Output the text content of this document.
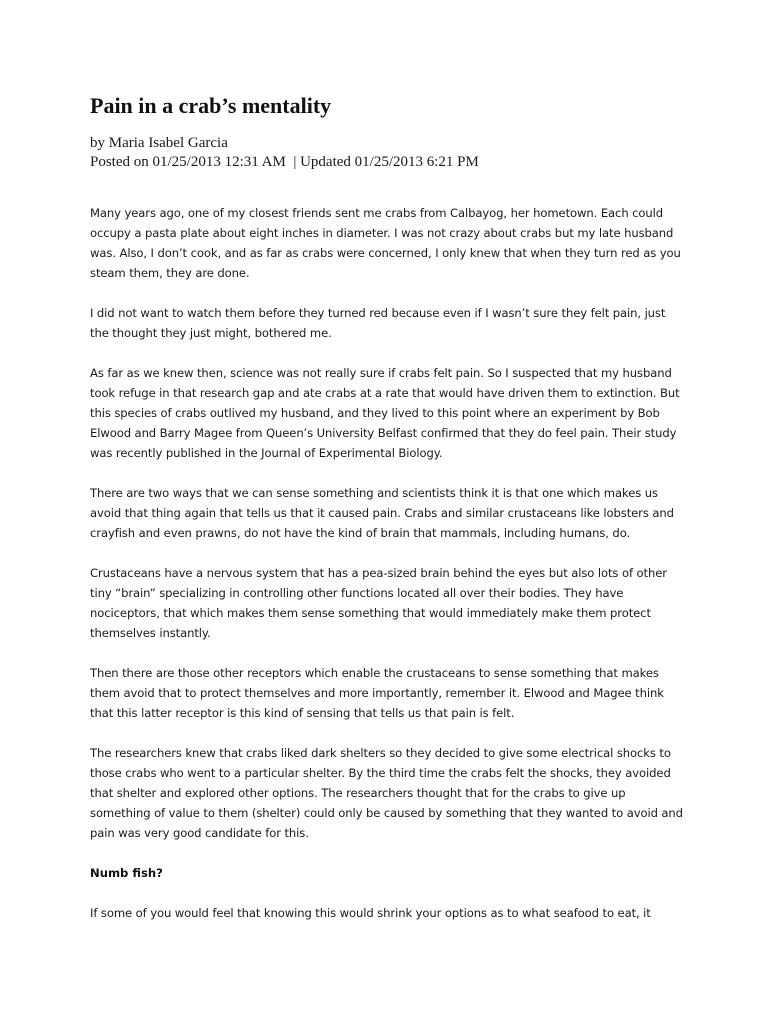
Pain in a crab’s mentality

by Maria Isabel Garcia

Posted on 01/25/2013 12:31 AM  | Updated 01/25/2013 6:21 PM

Many years ago, one of my closest friends sent me crabs from Calbayog, her hometown. Each could occupy a pasta plate about eight inches in diameter. I was not crazy about crabs but my late husband was. Also, I don’t cook, and as far as crabs were concerned, I only knew that when they turn red as you steam them, they are done.

I did not want to watch them before they turned red because even if I wasn’t sure they felt pain, just the thought they just might, bothered me.

As far as we knew then, science was not really sure if crabs felt pain. So I suspected that my husband took refuge in that research gap and ate crabs at a rate that would have driven them to extinction. But this species of crabs outlived my husband, and they lived to this point where an experiment by Bob Elwood and Barry Magee from Queen’s University Belfast confirmed that they do feel pain. Their study was recently published in the Journal of Experimental Biology.

There are two ways that we can sense something and scientists think it is that one which makes us avoid that thing again that tells us that it caused pain. Crabs and similar crustaceans like lobsters and crayfish and even prawns, do not have the kind of brain that mammals, including humans, do.

Crustaceans have a nervous system that has a pea-sized brain behind the eyes but also lots of other tiny “brain” specializing in controlling other functions located all over their bodies. They have nociceptors, that which makes them sense something that would immediately make them protect themselves instantly.

Then there are those other receptors which enable the crustaceans to sense something that makes them avoid that to protect themselves and more importantly, remember it. Elwood and Magee think that this latter receptor is this kind of sensing that tells us that pain is felt.

The researchers knew that crabs liked dark shelters so they decided to give some electrical shocks to those crabs who went to a particular shelter. By the third time the crabs felt the shocks, they avoided that shelter and explored other options. The researchers thought that for the crabs to give up something of value to them (shelter) could only be caused by something that they wanted to avoid and pain was very good candidate for this.

Numb fish?

If some of you would feel that knowing this would shrink your options as to what seafood to eat, it
